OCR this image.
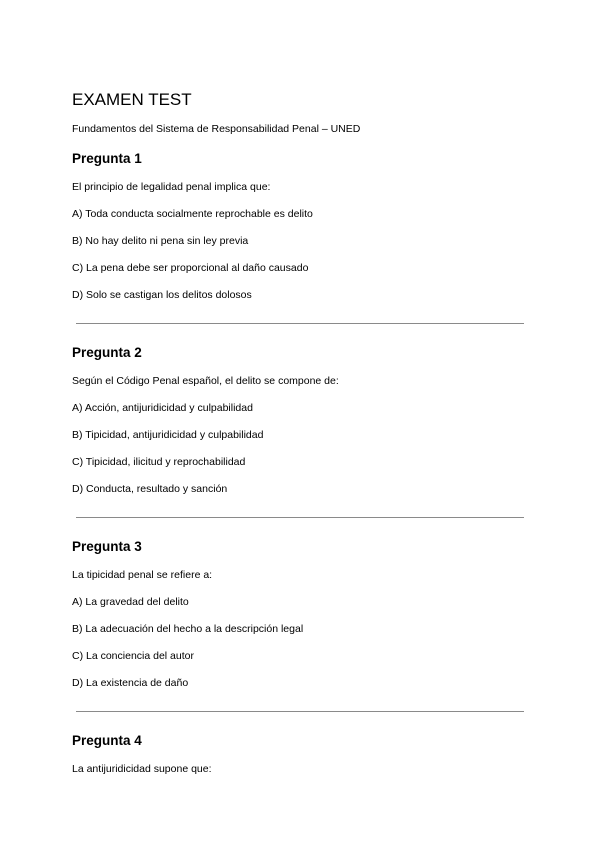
EXAMEN TEST

Fundamentos del Sistema de Responsabilidad Penal – UNED

Pregunta 1

El principio de legalidad penal implica que:

A) Toda conducta socialmente reprochable es delito

B) No hay delito ni pena sin ley previa

C) La pena debe ser proporcional al daño causado

D) Solo se castigan los delitos dolosos

Pregunta 2

Según el Código Penal español, el delito se compone de:

A) Acción, antijuridicidad y culpabilidad

B) Tipicidad, antijuridicidad y culpabilidad

C) Tipicidad, ilicitud y reprochabilidad

D) Conducta, resultado y sanción

Pregunta 3

La tipicidad penal se refiere a:

A) La gravedad del delito

B) La adecuación del hecho a la descripción legal

C) La conciencia del autor

D) La existencia de daño

Pregunta 4

La antijuridicidad supone que:
